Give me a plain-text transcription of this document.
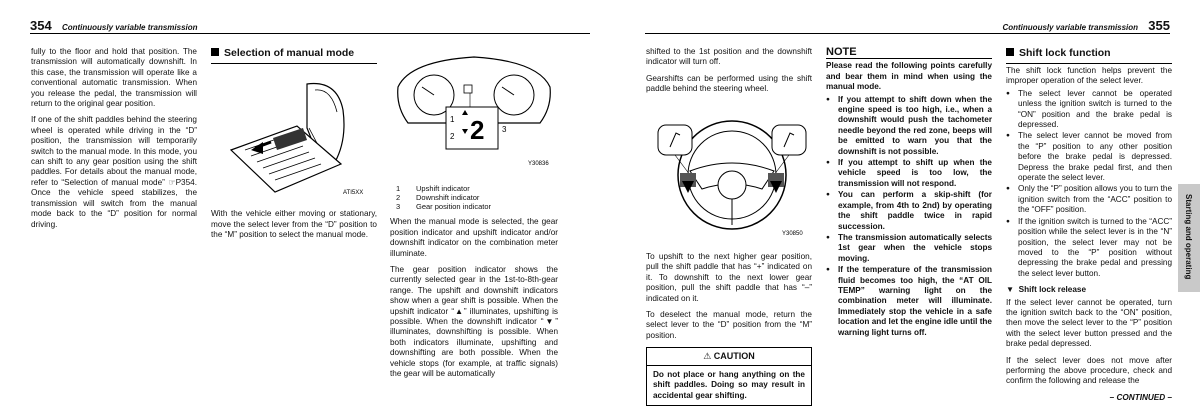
354 Continuously variable transmission

fully to the floor and hold that position. The transmission will automatically downshift. In this case, the transmission will operate like a conventional automatic transmission. When you release the pedal, the transmission will return to the original gear position.

If one of the shift paddles behind the steering wheel is operated while driving in the “D” position, the transmission will temporarily switch to the manual mode. In this mode, you can shift to any gear position using the shift paddles. For details about the manual mode, refer to “Selection of manual mode” ☞P354. Once the vehicle speed stabilizes, the transmission will switch from the manual mode back to the “D” position for normal driving.

Selection of manual mode
ATI5XX

With the vehicle either moving or stationary, move the select lever from the “D” position to the “M” position to select the manual mode.

2
1
2
3
Y30836
1 Upshift indicator
2 Downshift indicator
3 Gear position indicator

When the manual mode is selected, the gear position indicator and upshift indicator and/or downshift indicator on the combination meter illuminate.

The gear position indicator shows the currently selected gear in the 1st-to-8th-gear range. The upshift and downshift indicators show when a gear shift is possible. When the upshift indicator “▲” illuminates, upshifting is possible. When the downshift indicator “▼” illuminates, downshifting is possible. When both indicators illuminate, upshifting and downshifting are both possible. When the vehicle stops (for example, at traffic signals) the gear will be automatically

Continuously variable transmission 355

shifted to the 1st position and the downshift indicator will turn off.

Gearshifts can be performed using the shift paddle behind the steering wheel.

Y30850

To upshift to the next higher gear position, pull the shift paddle that has “+” indicated on it. To downshift to the next lower gear position, pull the shift paddle that has “–” indicated on it.

To deselect the manual mode, return the select lever to the “D” position from the “M” position.

⚠ CAUTION
Do not place or hang anything on the shift paddles. Doing so may result in accidental gear shifting.
NOTE

Please read the following points carefully and bear them in mind when using the manual mode.

● If you attempt to shift down when the engine speed is too high, i.e., when a downshift would push the tachometer needle beyond the red zone, beeps will be emitted to warn you that the downshift is not possible.
● If you attempt to shift up when the vehicle speed is too low, the transmission will not respond.
● You can perform a skip-shift (for example, from 4th to 2nd) by operating the shift paddle twice in rapid succession.
● The transmission automatically selects 1st gear when the vehicle stops moving.
● If the temperature of the transmission fluid becomes too high, the “AT OIL TEMP” warning light on the combination meter will illuminate. Immediately stop the vehicle in a safe location and let the engine idle until the warning light turns off.
Shift lock function

The shift lock function helps prevent the improper operation of the select lever.

● The select lever cannot be operated unless the ignition switch is turned to the “ON” position and the brake pedal is depressed.
● The select lever cannot be moved from the “P” position to any other position before the brake pedal is depressed. Depress the brake pedal first, and then operate the select lever.
● Only the “P” position allows you to turn the ignition switch from the “ACC” position to the “OFF” position.
● If the ignition switch is turned to the “ACC” position while the select lever is in the “N” position, the select lever may not be moved to the “P” position without depressing the brake pedal and pressing the select lever button.
▼ Shift lock release

If the select lever cannot be operated, turn the ignition switch back to the “ON” position, then move the select lever to the “P” position with the select lever button pressed and the brake pedal depressed.

If the select lever does not move after performing the above procedure, check and confirm the following and release the

– CONTINUED –
Starting and operating
